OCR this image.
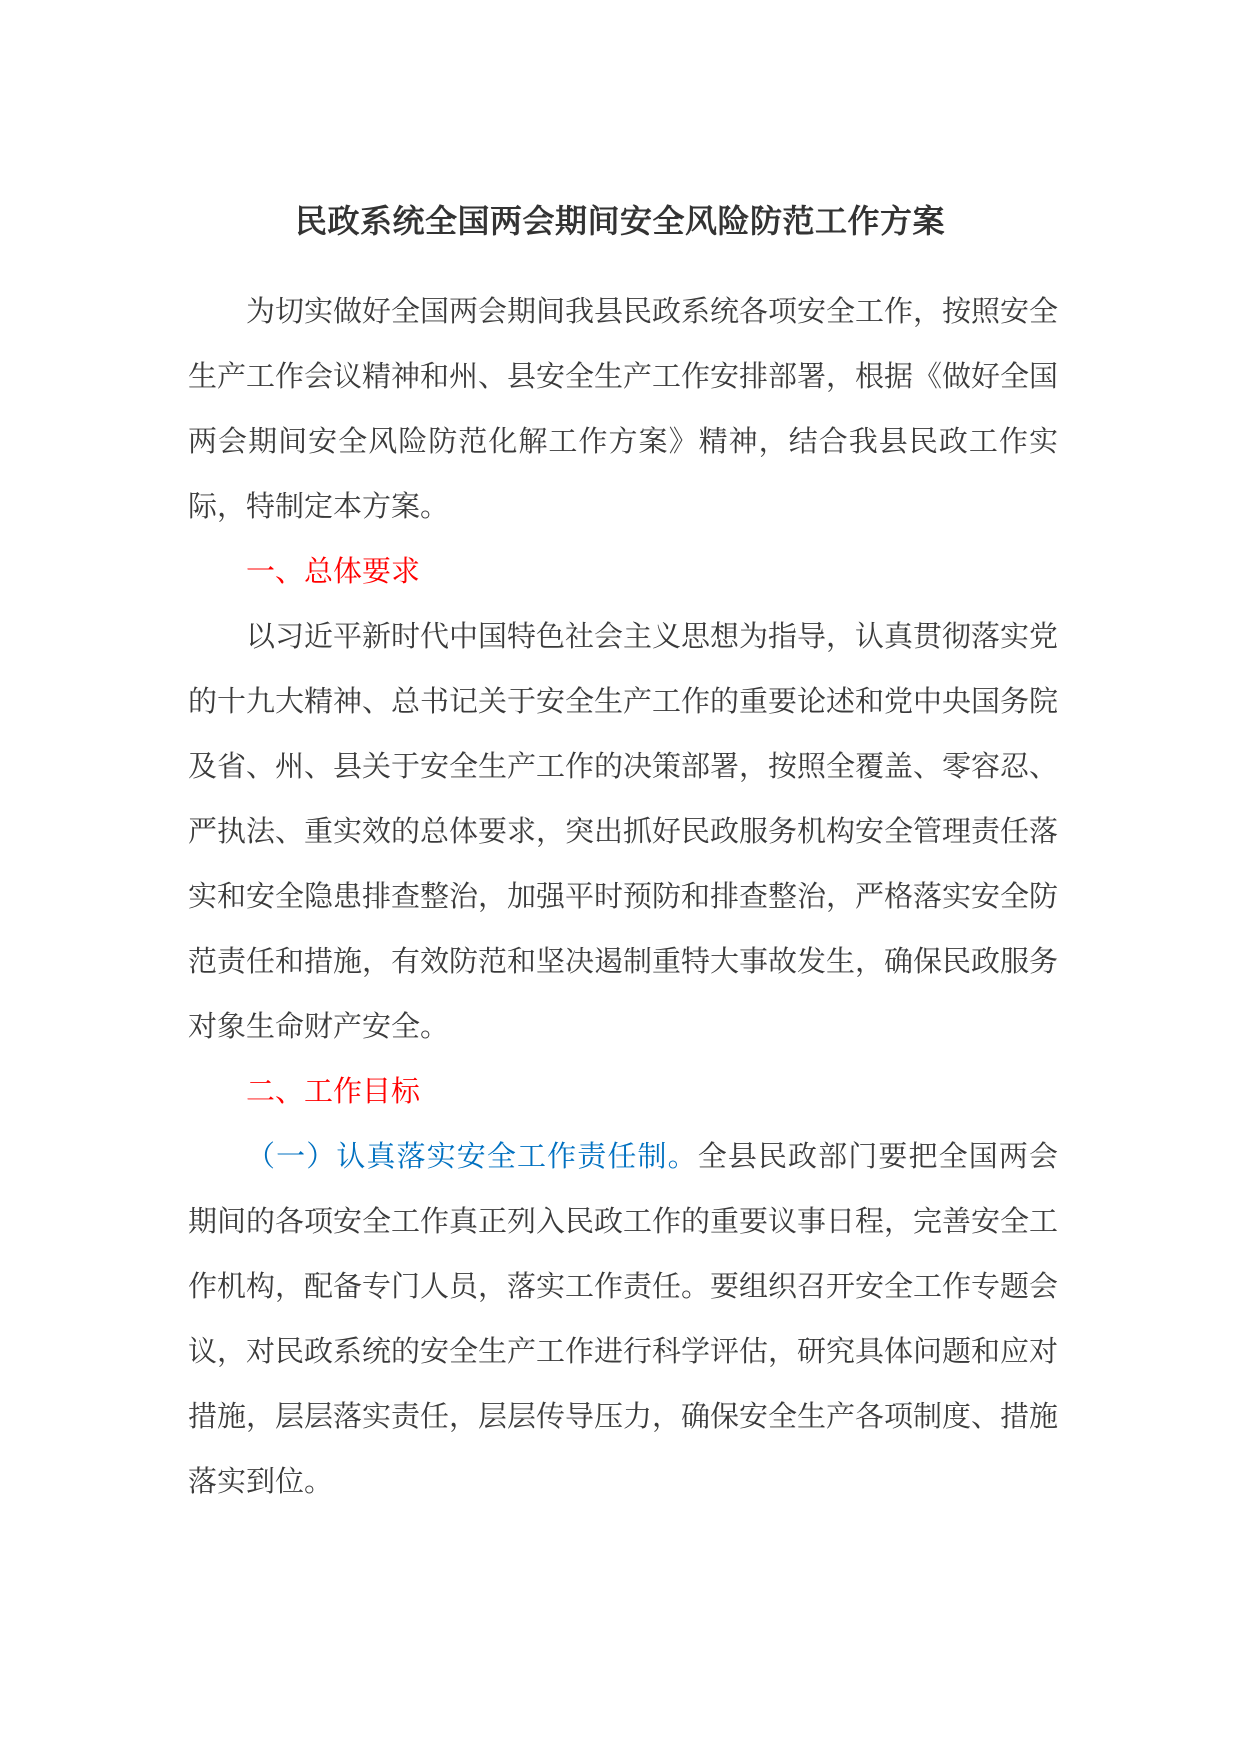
民政系统全国两会期间安全风险防范工作方案

为切实做好全国两会期间我县民政系统各项安全工作，按照安全生产工作会议精神和州、县安全生产工作安排部署，根据《做好全国两会期间安全风险防范化解工作方案》精神，结合我县民政工作实际，特制定本方案。

一、总体要求

以习近平新时代中国特色社会主义思想为指导，认真贯彻落实党的十九大精神、总书记关于安全生产工作的重要论述和党中央国务院及省、州、县关于安全生产工作的决策部署，按照全覆盖、零容忍、严执法、重实效的总体要求，突出抓好民政服务机构安全管理责任落实和安全隐患排查整治，加强平时预防和排查整治，严格落实安全防范责任和措施，有效防范和坚决遏制重特大事故发生，确保民政服务对象生命财产安全。

二、工作目标

（一）认真落实安全工作责任制。全县民政部门要把全国两会期间的各项安全工作真正列入民政工作的重要议事日程，完善安全工作机构，配备专门人员，落实工作责任。要组织召开安全工作专题会议，对民政系统的安全生产工作进行科学评估，研究具体问题和应对措施，层层落实责任，层层传导压力，确保安全生产各项制度、措施落实到位。
